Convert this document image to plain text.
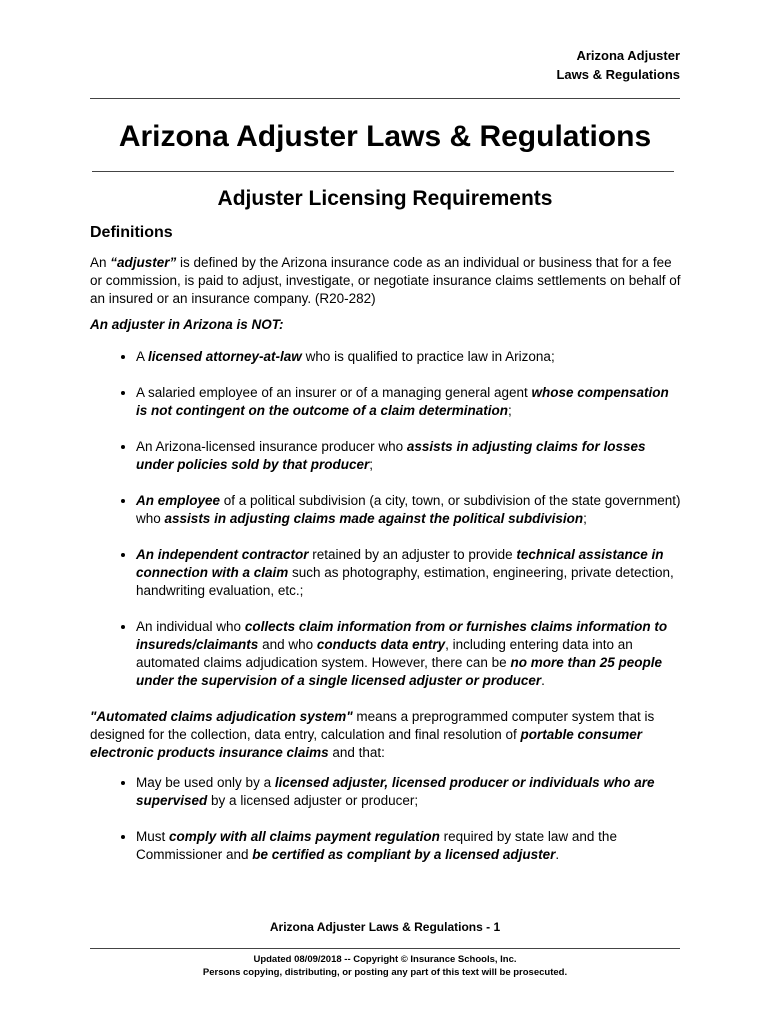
Arizona Adjuster
Laws & Regulations
Arizona Adjuster Laws & Regulations
Adjuster Licensing Requirements
Definitions

An “adjuster” is defined by the Arizona insurance code as an individual or business that for a fee or commission, is paid to adjust, investigate, or negotiate insurance claims settlements on behalf of an insured or an insurance company. (R20-282)

An adjuster in Arizona is NOT:

• A licensed attorney-at-law who is qualified to practice law in Arizona;
• A salaried employee of an insurer or of a managing general agent whose compensation is not contingent on the outcome of a claim determination;
• An Arizona-licensed insurance producer who assists in adjusting claims for losses under policies sold by that producer;
• An employee of a political subdivision (a city, town, or subdivision of the state government) who assists in adjusting claims made against the political subdivision;
• An independent contractor retained by an adjuster to provide technical assistance in connection with a claim such as photography, estimation, engineering, private detection, handwriting evaluation, etc.;
• An individual who collects claim information from or furnishes claims information to insureds/claimants and who conducts data entry, including entering data into an automated claims adjudication system. However, there can be no more than 25 people under the supervision of a single licensed adjuster or producer.

"Automated claims adjudication system" means a preprogrammed computer system that is designed for the collection, data entry, calculation and final resolution of portable consumer electronic products insurance claims and that:

• May be used only by a licensed adjuster, licensed producer or individuals who are supervised by a licensed adjuster or producer;
• Must comply with all claims payment regulation required by state law and the Commissioner and be certified as compliant by a licensed adjuster.
Arizona Adjuster Laws & Regulations - 1
Updated 08/09/2018 -- Copyright © Insurance Schools, Inc.
Persons copying, distributing, or posting any part of this text will be prosecuted.
